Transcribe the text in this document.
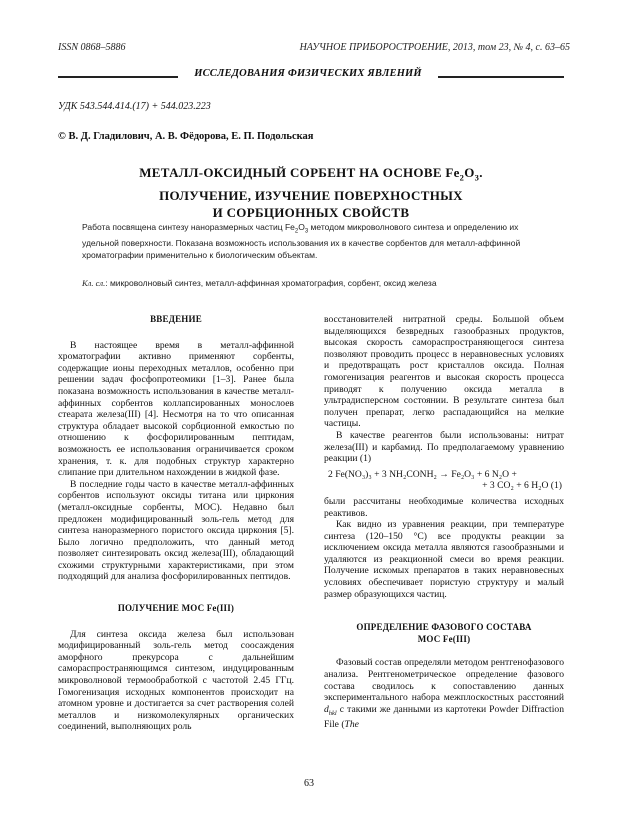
ISSN 0868–5886	НАУЧНОЕ ПРИБОРОСТРОЕНИЕ, 2013, том 23, № 4, с. 63–65
ИССЛЕДОВАНИЯ ФИЗИЧЕСКИХ ЯВЛЕНИЙ
УДК 543.544.414.(17) + 544.023.223
© В. Д. Гладилович, А. В. Фёдорова, Е. П. Подольская
МЕТАЛЛ-ОКСИДНЫЙ СОРБЕНТ НА ОСНОВЕ $Fe_2O_3$.
ПОЛУЧЕНИЕ, ИЗУЧЕНИЕ ПОВЕРХНОСТНЫХ
И СОРБЦИОННЫХ СВОЙСТВ
Работа посвящена синтезу наноразмерных частиц $Fe_2O_3$ методом микроволнового синтеза и определению их удельной поверхности. Показана возможность использования их в качестве сорбентов для металл-аффинной хроматографии применительно к биологическим объектам.
Кл. сл.: микроволновый синтез, металл-аффинная хроматография, сорбент, оксид железа
ВВЕДЕНИЕ

В настоящее время в металл-аффинной хроматографии активно применяют сорбенты, содержащие ионы переходных металлов, особенно при решении задач фосфопротеомики [1–3]. Ранее была показана возможность использования в качестве металл-аффинных сорбентов коллапсированных монослоев стеарата железа(III) [4]. Несмотря на то что описанная структура обладает высокой сорбционной емкостью по отношению к фосфорилированным пептидам, возможность ее использования ограничивается сроком хранения, т. к. для подобных структур характерно слипание при длительном нахождении в жидкой фазе.

В последние годы часто в качестве металл-аффинных сорбентов используют оксиды титана или циркония (металл-оксидные сорбенты, МОС). Недавно был предложен модифицированный золь-гель метод для синтеза наноразмерного пористого оксида циркония [5]. Было логично предположить, что данный метод позволяет синтезировать оксид железа(III), обладающий схожими структурными характеристиками, при этом подходящий для анализа фосфорилированных пептидов.

ПОЛУЧЕНИЕ МОС Fe(III)

Для синтеза оксида железа был использован модифицированный золь-гель метод соосаждения аморфного прекурсора с дальнейшим самораспространяющимся синтезом, индуцированным микроволновой термообработкой с частотой 2.45 ГГц. Гомогенизация исходных компонентов происходит на атомном уровне и достигается за счет растворения солей металлов и низкомолекулярных органических соединений, выполняющих роль

восстановителей нитратной среды. Большой объем выделяющихся безвредных газообразных продуктов, высокая скорость самораспространяющегося синтеза позволяют проводить процесс в неравновесных условиях и предотвращать рост кристаллов оксида. Полная гомогенизация реагентов и высокая скорость процесса приводят к получению оксида металла в ультрадисперсном состоянии. В результате синтеза был получен препарат, легко распадающийся на мелкие частицы.

В качестве реагентов были использованы: нитрат железа(III) и карбамид. По предполагаемому уравнению реакции (1)

2 Fe(NO₃)₃ + 3 NH₂CONH₂ → Fe₂O₃ + 6 N₂O +
+ 3 CO₂ + 6 H₂O (1)

были рассчитаны необходимые количества исходных реактивов.

Как видно из уравнения реакции, при температуре синтеза (120–150 °C) все продукты реакции за исключением оксида металла являются газообразными и удаляются из реакционной смеси во время реакции. Получение искомых препаратов в таких неравновесных условиях обеспечивает пористую структуру и малый размер образующихся частиц.

ОПРЕДЕЛЕНИЕ ФАЗОВОГО СОСТАВА
МОС Fe(III)

Фазовый состав определяли методом рентгенофазового анализа. Рентгенометрическое определение фазового состава сводилось к сопоставлению данных экспериментального набора межплоскостных расстояний $d_{hkl}$ с такими же данными из картотеки Powder Diffraction File (The

63
